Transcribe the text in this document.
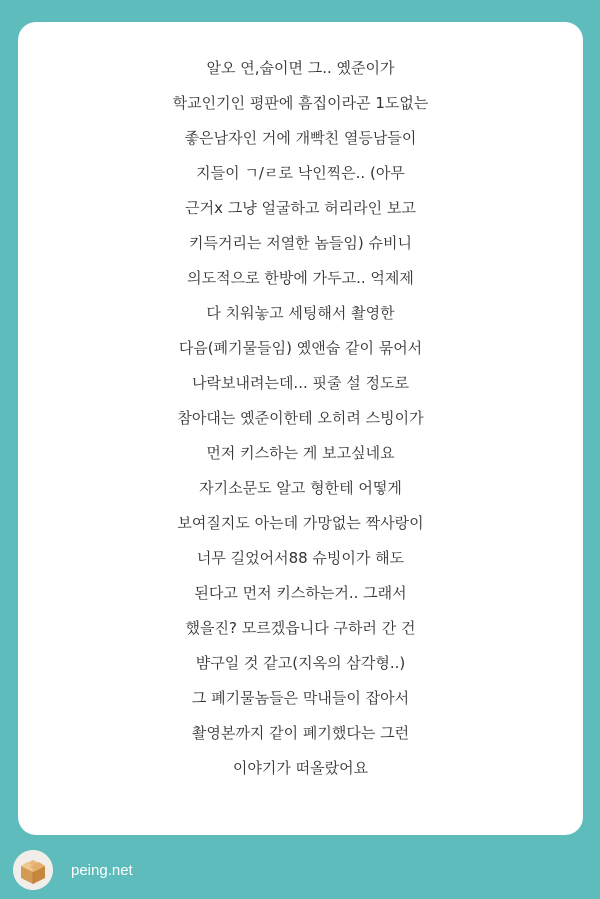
알오 연,숩이면 그.. 옜준이가
학교인기인 평판에 흠집이라곤 1도없는
좋은남자인 거에 개빡친 열등남들이
지들이 ㄱ/ㄹ로 낙인찍은.. (아무
근거x 그냥 얼굴하고 허리라인 보고
키득거리는 저열한 놈들임) 슈비니
의도적으로 한방에 가두고.. 억제제
다 치워놓고 세팅해서 촬영한
다음(폐기물들임) 옜앤숩 같이 묶어서
나락보내려는데... 핏줄 설 정도로
참아대는 옜준이한테 오히려 스빙이가
먼저 키스하는 게 보고싶네요
자기소문도 알고 형한테 어떻게
보여질지도 아는데 가망없는 짝사랑이
너무 길었어서88 슈빙이가 해도
된다고 먼저 키스하는거.. 그래서
했을진? 모르겠읍니다 구하러 간 건
뱜구일 것 같고(지옥의 삼각형..)
그 폐기물놈들은 막내들이 잡아서
촬영본까지 같이 폐기했다는 그런
이야기가 떠올랐어요
peing.net
